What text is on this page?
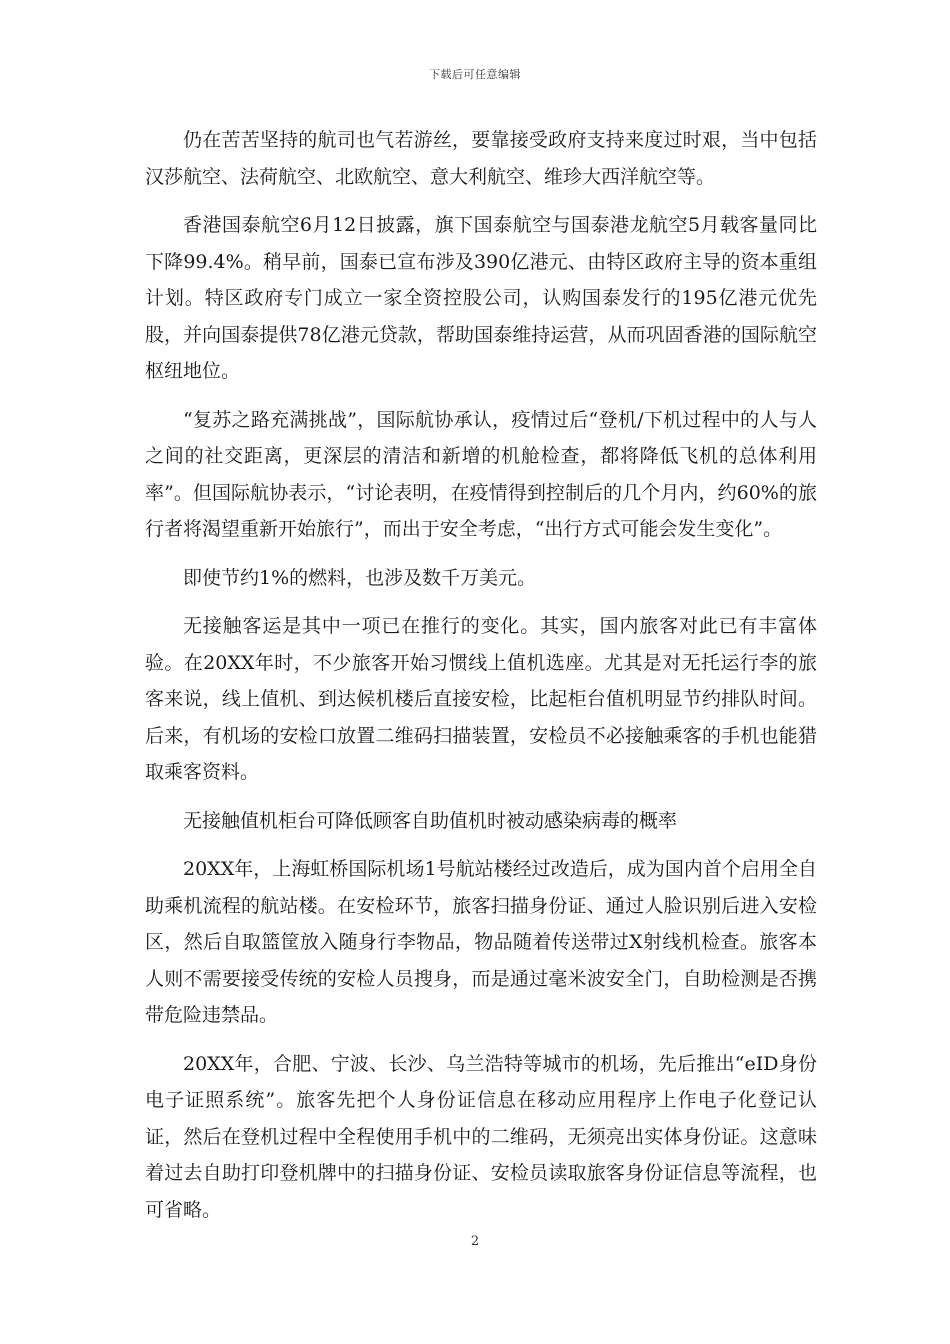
下载后可任意编辑

仍在苦苦坚持的航司也气若游丝，要靠接受政府支持来度过时艰，当中包括汉莎航空、法荷航空、北欧航空、意大利航空、维珍大西洋航空等。

香港国泰航空6月12日披露，旗下国泰航空与国泰港龙航空5月载客量同比下降99.4%。稍早前，国泰已宣布涉及390亿港元、由特区政府主导的资本重组计划。特区政府专门成立一家全资控股公司，认购国泰发行的195亿港元优先股，并向国泰提供78亿港元贷款，帮助国泰维持运营，从而巩固香港的国际航空枢纽地位。

“复苏之路充满挑战”，国际航协承认，疫情过后“登机/下机过程中的人与人之间的社交距离，更深层的清洁和新增的机舱检查，都将降低飞机的总体利用率”。但国际航协表示，“讨论表明，在疫情得到控制后的几个月内，约60%的旅行者将渴望重新开始旅行”，而出于安全考虑，“出行方式可能会发生变化”。

即使节约1%的燃料，也涉及数千万美元。

无接触客运是其中一项已在推行的变化。其实，国内旅客对此已有丰富体验。在20XX年时，不少旅客开始习惯线上值机选座。尤其是对无托运行李的旅客来说，线上值机、到达候机楼后直接安检，比起柜台值机明显节约排队时间。后来，有机场的安检口放置二维码扫描装置，安检员不必接触乘客的手机也能猎取乘客资料。

无接触值机柜台可降低顾客自助值机时被动感染病毒的概率

20XX年，上海虹桥国际机场1号航站楼经过改造后，成为国内首个启用全自助乘机流程的航站楼。在安检环节，旅客扫描身份证、通过人脸识别后进入安检区，然后自取篮筐放入随身行李物品，物品随着传送带过X射线机检查。旅客本人则不需要接受传统的安检人员搜身，而是通过毫米波安全门，自助检测是否携带危险违禁品。

20XX年，合肥、宁波、长沙、乌兰浩特等城市的机场，先后推出“eID身份电子证照系统”。旅客先把个人身份证信息在移动应用程序上作电子化登记认证，然后在登机过程中全程使用手机中的二维码，无须亮出实体身份证。这意味着过去自助打印登机牌中的扫描身份证、安检员读取旅客身份证信息等流程，也可省略。

2
